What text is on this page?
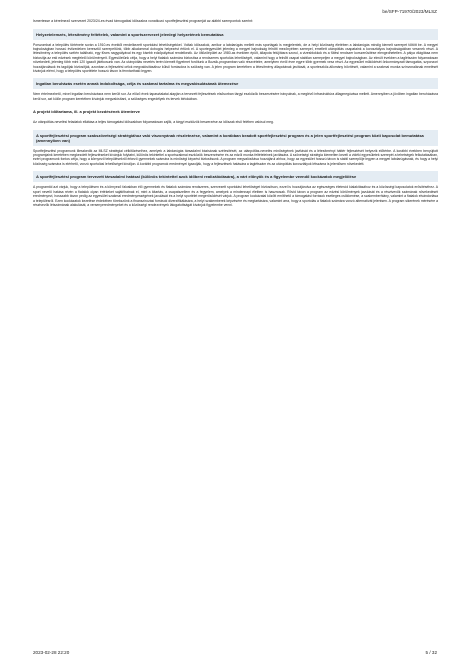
be/SFP-71970/2023/MLSZ

Ismertesse a kérelmező szervezet 2023/24-es évad támogatási időszakra vonatkozó sportfejlesztési programját az alábbi szempontok szerint:

Helyzetelemzés, létesítmény feltételek, valamint a sportszervezet jelenlegi helyzetének bemutatása

Porszombat a település története során a 1910-es évektől rendelkezett sportolási lehetőségekkel. Voltak időszakok, amikor a labdarúgás mellett más sportágak is megjelentek, de a helyi közösség életében a labdarúgás mindig kiemelt szerepet töltött be. A megyei bajnokságban hosszú évtizedeken keresztül szerepeltünk, több alkalommal dobogós helyezést értünk el. A sportegyesület jelenleg a megyei bajnokság felnőtt mezőnyében szerepel, emellett utánpótlás csapataink a korosztályos bajnokságokban vesznek részt. A létesítmény a település szélén található, egy füves nagypályával és egy kisebb edzőpályával rendelkezik. Az öltözőépület az 1980-as években épült, állapota felújításra szorul, a vizesblokkok és a fűtési rendszer korszerűsítése elengedhetetlen. A pálya világítása nem biztosítja az esti edzések megfelelő körülményeit. Egyesületünk célja, hogy a helyi fiatalok számára biztosítsa a rendszeres sportolás lehetőségét, valamint hogy a felnőtt csapat stabilan szerepeljen a megyei bajnokságban. Az elmúlt években a taglétszám folyamatosan növekedett, jelenleg több mint 120 igazolt játékosunk van. Az utánpótlás nevelés terén kiemelt figyelmet fordítunk a Bozsik-programban való részvételre, amelyben évről évre egyre több gyermek vesz részt. Az egyesület működését önkormányzati támogatás, szponzori hozzájárulások és tagdíjak biztosítják, azonban a fejlesztési célok megvalósításához külső forrásokra is szükség van. A jelen program keretében a létesítmény állapotának javítását, a sporteszköz-állomány bővítését, valamint a szakmai munka színvonalának emelését kívánjuk elérni, hogy a település sportélete hosszú távon is fenntartható legyen.

Ingatlan beruházás esetén annak indokoltsága, célja és szakmai tartalma és megvalósulásának ütemezése

Nem értelmezhető, mivel ingatlan beruházásra nem került sor. Az előző évek tapasztalatai alapján a tervezett fejlesztések elsősorban tárgyi eszközök beszerzésére irányulnak, a meglévő infrastruktúra állagmegóvása mellett. Amennyiben a jövőben ingatlan beruházásra kerül sor, azt külön program keretében kívánjuk megvalósítani, a szükséges engedélyek és tervek birtokában.

A projekt időtartama, ill. a projekt kezdésének ütemterve

Az utánpótlás-nevelési feladatok ellátása a teljes támogatási időszakban folyamatosan zajlik, a tárgyi eszközök beszerzése az időszak első felében valósul meg.

A sportfejlesztési program szakszövetségi stratégiához való viszonyának részletezése, valamint a korábban beadott sportfejlesztési program és a jelen sportfejlesztési program közti kapcsolat bemutatása (amennyiben van)

Sportfejlesztési programunk illeszkedik az MLSZ stratégiai célkitűzéseihez, amelyek a labdarúgás társadalmi bázisának szélesítését, az utánpótlás-nevelés minőségének javítását és a létesítményi háttér fejlesztését helyezik előtérbe. A korábbi években benyújtott programjaink keretében megkezdett fejlesztéseket kívánjuk folytatni, különös tekintettel a sportszakmai eszközök beszerzésére és az edzői munka feltételeinek javítására. A szövetségi stratégia kiemelten kezeli a vidéki egyesületek szerepét a tehetségek felkutatásában, ezért programunk fontos célja, hogy a környező településekről érkező gyermekek számára is minőségi képzést biztosítsunk. A program megvalósítása hozzájárul ahhoz, hogy az egyesület hosszú távon is stabil szereplője legyen a megyei labdarúgásnak, és hogy a helyi közösség számára is elérhető, vonzó sportolási lehetőséget kínáljon. A korábbi programok eredményei igazolják, hogy a fejlesztések hatására a taglétszám és az utánpótlás korosztályok létszáma is jelentősen növekedett.

A sportfejlesztési program tervezett társadalmi hatásai (különös tekintettel azok időbeni realizálódására), a várt előnyök és a figyelembe veendő kockázatok megjelölése

A programtól azt várjuk, hogy a településen és a környező falvakban élő gyermekek és fiatalok számára rendszeres, szervezett sportolási lehetőséget biztosítson, ezzel is hozzájárulva az egészséges életmód kialakításához és a közösségi kapcsolatok erősítéséhez. A sport nevelő hatása révén a fiatalok olyan értékeket sajátíthatnak el, mint a kitartás, a csapatszellem és a fegyelem, amelyek a mindennapi életben is hasznosak. Rövid távon a program az edzési körülmények javulását és a résztvevők számának növekedését eredményezi, hosszabb távon pedig az egyesület szakmai eredményességének javulását és a helyi sportélet megerősödését várjuk. A program kockázatai között említhető a támogatási források esetleges csökkenése, a szakemberhiány, valamint a fiatalok elvándorlása a településről. Ezen kockázatok kezelése érdekében törekszünk a finanszírozási források diverzifikálására, a helyi szakemberek képzésére és megtartására, valamint arra, hogy a sportolás a fiatalok számára vonzó alternatívát jelentsen. A program sikerének mérésére a résztvevők létszámának alakulását, a versenyeredményeket és a közösségi rendezvények látogatottságát kívánjuk figyelembe venni.

2023-02-28 22:20	5 / 32
